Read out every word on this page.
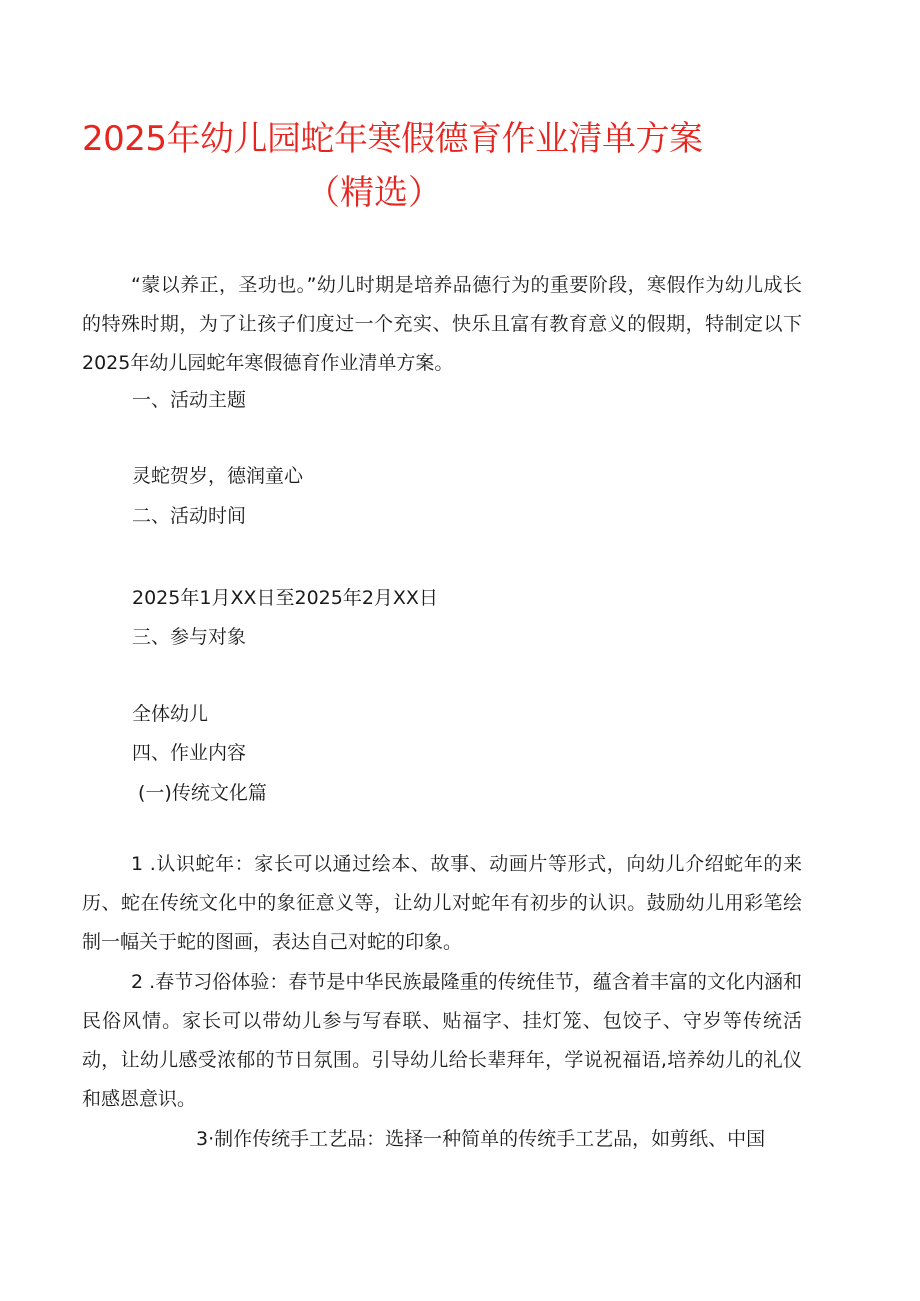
2025年幼儿园蛇年寒假德育作业清单方案
（精选）

“蒙以养正，圣功也。”幼儿时期是培养品德行为的重要阶段，寒假作为幼儿成长的特殊时期，为了让孩子们度过一个充实、快乐且富有教育意义的假期，特制定以下2025年幼儿园蛇年寒假德育作业清单方案。

一、活动主题

灵蛇贺岁，德润童心

二、活动时间

2025年1月XX日至2025年2月XX日

三、参与对象

全体幼儿

四、作业内容

(一)传统文化篇

1 .认识蛇年：家长可以通过绘本、故事、动画片等形式，向幼儿介绍蛇年的来历、蛇在传统文化中的象征意义等，让幼儿对蛇年有初步的认识。鼓励幼儿用彩笔绘制一幅关于蛇的图画，表达自己对蛇的印象。

2 .春节习俗体验：春节是中华民族最隆重的传统佳节，蕴含着丰富的文化内涵和民俗风情。家长可以带幼儿参与写春联、贴福字、挂灯笼、包饺子、守岁等传统活动，让幼儿感受浓郁的节日氛围。引导幼儿给长辈拜年，学说祝福语,培养幼儿的礼仪和感恩意识。

3·制作传统手工艺品：选择一种简单的传统手工艺品，如剪纸、中国
